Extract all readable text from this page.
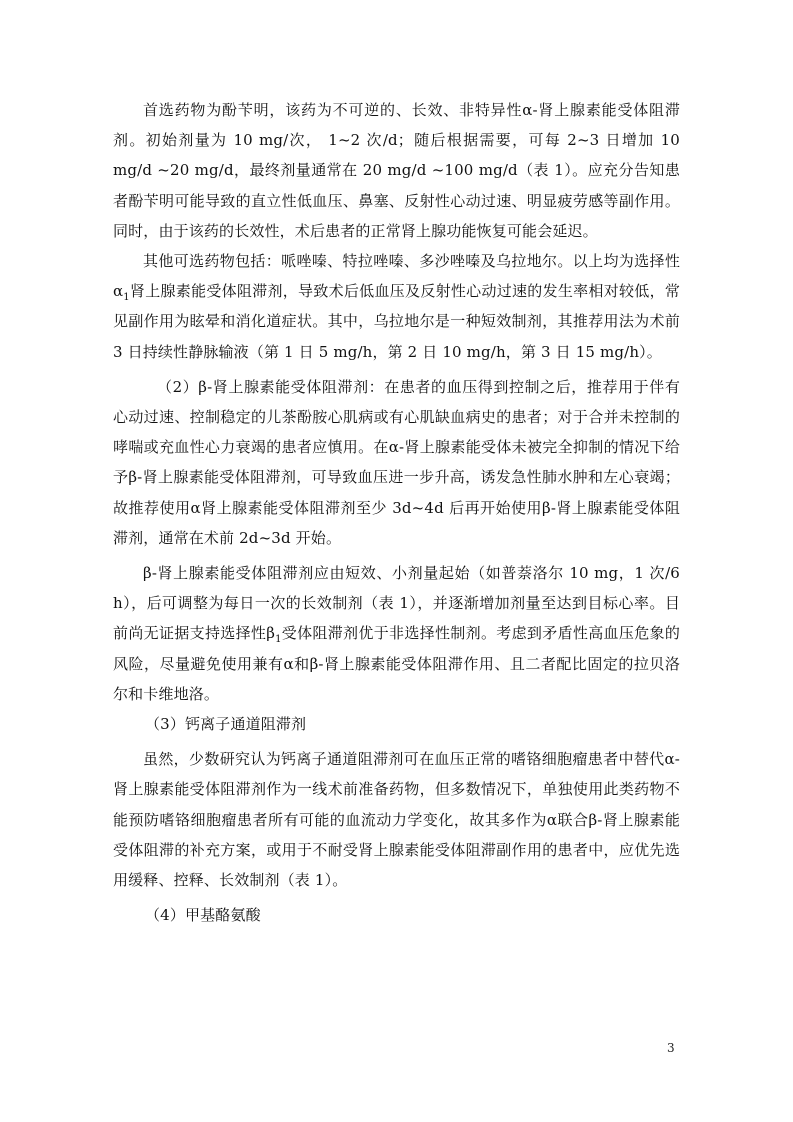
首选药物为酚苄明，该药为不可逆的、长效、非特异性α-肾上腺素能受体阻滞剂。初始剂量为 10 mg/次， 1~2 次/d；随后根据需要，可每 2~3 日增加 10 mg/d ~20 mg/d，最终剂量通常在 20 mg/d ~100 mg/d（表 1）。应充分告知患者酚苄明可能导致的直立性低血压、鼻塞、反射性心动过速、明显疲劳感等副作用。同时，由于该药的长效性，术后患者的正常肾上腺功能恢复可能会延迟。

其他可选药物包括：哌唑嗪、特拉唑嗪、多沙唑嗪及乌拉地尔。以上均为选择性$\alpha_1$肾上腺素能受体阻滞剂，导致术后低血压及反射性心动过速的发生率相对较低，常见副作用为眩晕和消化道症状。其中，乌拉地尔是一种短效制剂，其推荐用法为术前 3 日持续性静脉输液（第 1 日 5 mg/h，第 2 日 10 mg/h，第 3 日 15 mg/h）。

（2）β-肾上腺素能受体阻滞剂：在患者的血压得到控制之后，推荐用于伴有心动过速、控制稳定的儿茶酚胺心肌病或有心肌缺血病史的患者；对于合并未控制的哮喘或充血性心力衰竭的患者应慎用。在α-肾上腺素能受体未被完全抑制的情况下给予β-肾上腺素能受体阻滞剂，可导致血压进一步升高，诱发急性肺水肿和左心衰竭；故推荐使用α肾上腺素能受体阻滞剂至少 3d~4d 后再开始使用β-肾上腺素能受体阻滞剂，通常在术前 2d~3d 开始。

β-肾上腺素能受体阻滞剂应由短效、小剂量起始（如普萘洛尔 10 mg，1 次/6 h），后可调整为每日一次的长效制剂（表 1），并逐渐增加剂量至达到目标心率。目前尚无证据支持选择性$\beta_1$受体阻滞剂优于非选择性制剂。考虑到矛盾性高血压危象的风险，尽量避免使用兼有α和β-肾上腺素能受体阻滞作用、且二者配比固定的拉贝洛尔和卡维地洛。

（3）钙离子通道阻滞剂

虽然，少数研究认为钙离子通道阻滞剂可在血压正常的嗜铬细胞瘤患者中替代α-肾上腺素能受体阻滞剂作为一线术前准备药物，但多数情况下，单独使用此类药物不能预防嗜铬细胞瘤患者所有可能的血流动力学变化，故其多作为α联合β-肾上腺素能受体阻滞的补充方案，或用于不耐受肾上腺素能受体阻滞副作用的患者中，应优先选用缓释、控释、长效制剂（表 1）。

（4）甲基酪氨酸

3
